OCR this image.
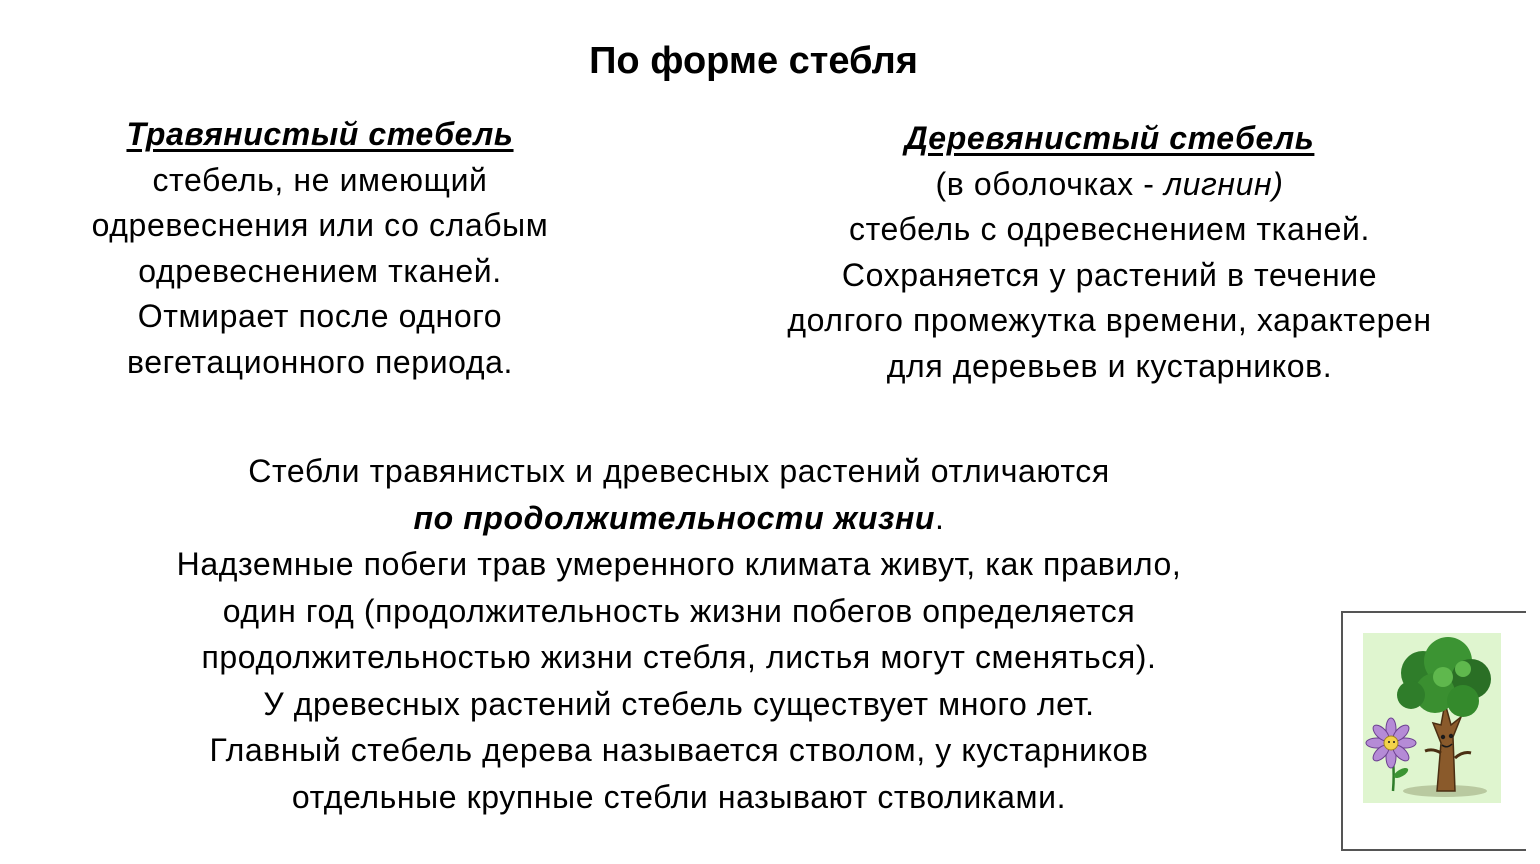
По форме стебля
Травянистый стебель
стебель, не имеющий
одревеснения или со слабым
одревеснением тканей.
Отмирает после одного
вегетационного периода.
Деревянистый стебель
(в оболочках - лигнин)
стебель с одревеснением тканей.
Сохраняется у растений в течение
долгого промежутка времени, характерен
для деревьев и кустарников.
Стебли травянистых и древесных растений отличаются
по продолжительности жизни.
Надземные побеги трав умеренного климата живут, как правило,
один год (продолжительность жизни побегов определяется
продолжительностью жизни стебля, листья могут сменяться).
У древесных растений стебель существует много лет.
Главный стебель дерева называется стволом, у кустарников
отдельные крупные стебли называют стволиками.
